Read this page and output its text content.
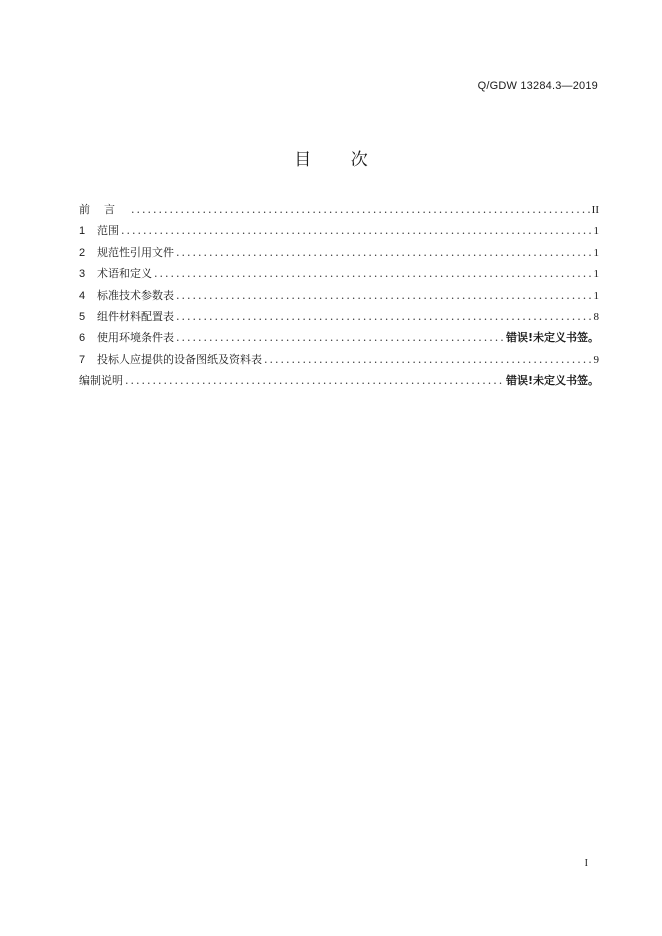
Q/GDW 13284.3—2019
目 次
前言 .....	II
1	范围 .....	1
2	规范性引用文件 .....	1
3	术语和定义 .....	1
4	标准技术参数表 .....	1
5	组件材料配置表 .....	8
6	使用环境条件表 .....	错误!未定义书签。
7	投标人应提供的设备图纸及资料表 .....	9
编制说明 .....	错误!未定义书签。
I
